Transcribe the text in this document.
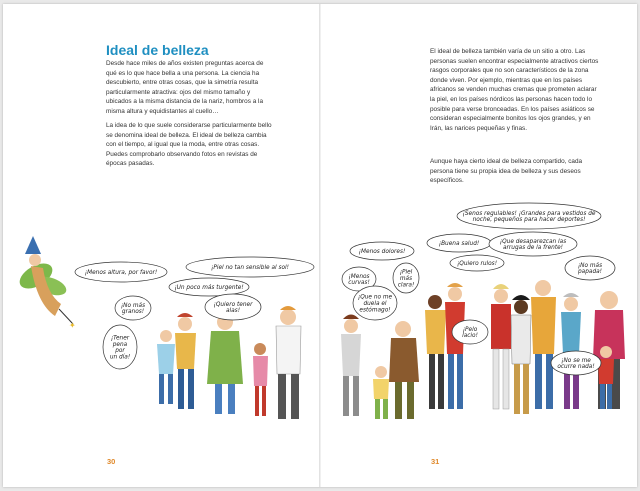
Ideal de belleza

Desde hace miles de años existen preguntas acerca de qué es lo que hace bella a una persona. La ciencia ha descubierto, entre otras cosas, que la simetría resulta particularmente atractiva: ojos del mismo tamaño y ubicados a la misma distancia de la nariz, hombros a la misma altura y equidistantes al cuello…

La idea de lo que suele considerarse particularmente bello se denomina ideal de belleza. El ideal de belleza cambia con el tiempo, al igual que la moda, entre otras cosas. Puedes comprobarlo observando fotos en revistas de épocas pasadas.

El ideal de belleza también varía de un sitio a otro. Las personas suelen encontrar especialmente atractivos ciertos rasgos corporales que no son característicos de la zona donde viven. Por ejemplo, mientras que en los países africanos se venden muchas cremas que prometen aclarar la piel, en los países nórdicos las personas hacen todo lo posible para verse bronceadas. En los países asiáticos se consideran especialmente bonitos los ojos grandes, y en Irán, las narices pequeñas y finas.

Aunque haya cierto ideal de belleza compartido, cada persona tiene su propia idea de belleza y sus deseos específicos.

✦
¡Menos altura, por favor!
¡Piel no tan sensible al sol!
¡Un poco más turgente!
¡No más
granos!
¡Quiero tener
alas!
¡Tener
pena
por
un día!
¡Senos regulables! ¡Grandes para vestidos de
noche, pequeños para hacer deportes!
¡Menos dolores!
¡Buena salud!	¡Que desaparezcan las
arrugas de la frente!
¡Menos
curvas!
¡Piel
más
clara!
¡Quiero rulos!	¡No más
papada!
¡Que no me
duela el
estómago!
¡Pelo
lacio!
¡No se me
ocurre nada!
30	31
